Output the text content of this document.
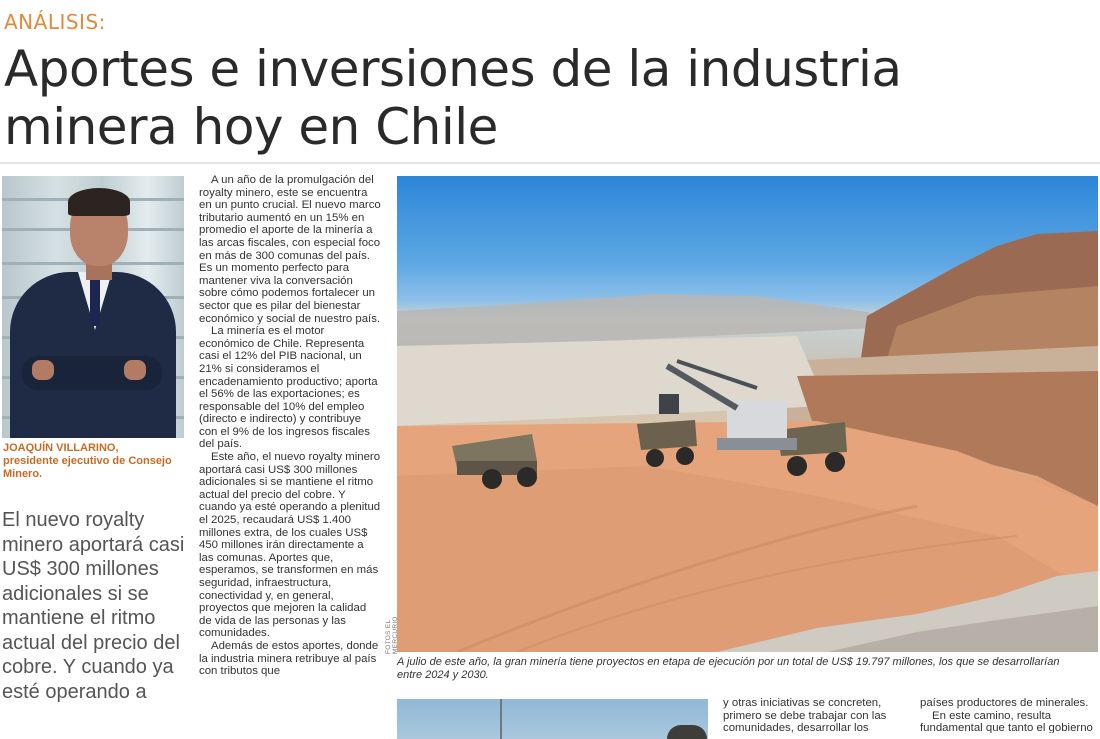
ANÁLISIS:
Aportes e inversiones de la industria minera hoy en Chile
JOAQUÍN VILLARINO,
presidente ejecutivo de Consejo Minero.
El nuevo royalty minero aportará casi US$ 300 millones adicionales si se mantiene el ritmo actual del precio del cobre. Y cuando ya esté operando a

A un año de la promulgación del royalty minero, este se encuentra en un punto crucial. El nuevo marco tributario aumentó en un 15% en promedio el aporte de la minería a las arcas fiscales, con especial foco en más de 300 comunas del país. Es un momento perfecto para mantener viva la conversación sobre cómo podemos fortalecer un sector que es pilar del bienestar económico y social de nuestro país.

La minería es el motor económico de Chile. Representa casi el 12% del PIB nacional, un 21% si consideramos el encadenamiento productivo; aporta el 56% de las exportaciones; es responsable del 10% del empleo (directo e indirecto) y contribuye con el 9% de los ingresos fiscales del país.

Este año, el nuevo royalty minero aportará casi US$ 300 millones adicionales si se mantiene el ritmo actual del precio del cobre. Y cuando ya esté operando a plenitud el 2025, recaudará US$ 1.400 millones extra, de los cuales US$ 450 millones irán directamente a las comunas. Aportes que, esperamos, se transformen en más seguridad, infraestructura, conectividad y, en general, proyectos que mejoren la calidad de vida de las personas y las comunidades.

Además de estos aportes, donde la industria minera retribuye al país con tributos que

FOTOS EL MERCURIO
A julio de este año, la gran minería tiene proyectos en etapa de ejecución por un total de US$ 19.797 millones, los que se desarrollarían entre 2024 y 2030.

y otras iniciativas se concreten, primero se debe trabajar con las comunidades, desarrollar los

países productores de minerales.

En este camino, resulta fundamental que tanto el gobierno
